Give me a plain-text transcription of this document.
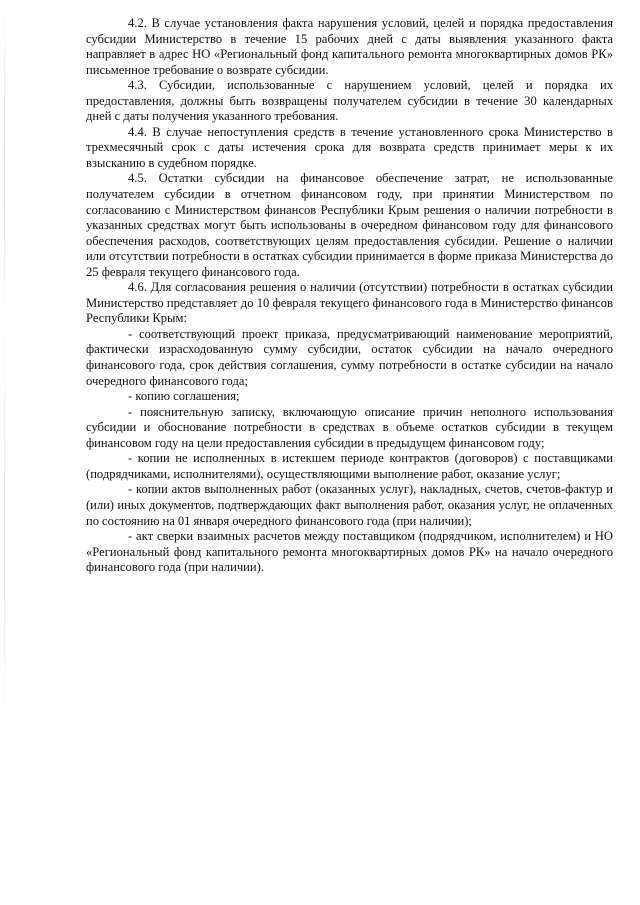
4.2. В случае установления факта нарушения условий, целей и порядка предоставления субсидии Министерство в течение 15 рабочих дней с даты выявления указанного факта направляет в адрес НО «Региональный фонд капитального ремонта многоквартирных домов РК» письменное требование о возврате субсидии.

4.3. Субсидии, использованные с нарушением условий, целей и порядка их предоставления, должны быть возвращены получателем субсидии в течение 30 календарных дней с даты получения указанного требования.

4.4. В случае непоступления средств в течение установленного срока Министерство в трехмесячный срок с даты истечения срока для возврата средств принимает меры к их взысканию в судебном порядке.

4.5. Остатки субсидии на финансовое обеспечение затрат, не использованные получателем субсидии в отчетном финансовом году, при принятии Министерством по согласованию с Министерством финансов Республики Крым решения о наличии потребности в указанных средствах могут быть использованы в очередном финансовом году для финансового обеспечения расходов, соответствующих целям предоставления субсидии. Решение о наличии или отсутствии потребности в остатках субсидии принимается в форме приказа Министерства до 25 февраля текущего финансового года.

4.6. Для согласования решения о наличии (отсутствии) потребности в остатках субсидии Министерство представляет до 10 февраля текущего финансового года в Министерство финансов Республики Крым:

- соответствующий проект приказа, предусматривающий наименование мероприятий, фактически израсходованную сумму субсидии, остаток субсидии на начало очередного финансового года, срок действия соглашения, сумму потребности в остатке субсидии на начало очередного финансового года;

- копию соглашения;

- пояснительную записку, включающую описание причин неполного использования субсидии и обоснование потребности в средствах в объеме остатков субсидии в текущем финансовом году на цели предоставления субсидии в предыдущем финансовом году;

- копии не исполненных в истекшем периоде контрактов (договоров) с поставщиками (подрядчиками, исполнителями), осуществляющими выполнение работ, оказание услуг;

- копии актов выполненных работ (оказанных услуг), накладных, счетов, счетов-фактур и (или) иных документов, подтверждающих факт выполнения работ, оказания услуг, не оплаченных по состоянию на 01 января очередного финансового года (при наличии);

- акт сверки взаимных расчетов между поставщиком (подрядчиком, исполнителем) и НО «Региональный фонд капитального ремонта многоквартирных домов РК» на начало очередного финансового года (при наличии).
